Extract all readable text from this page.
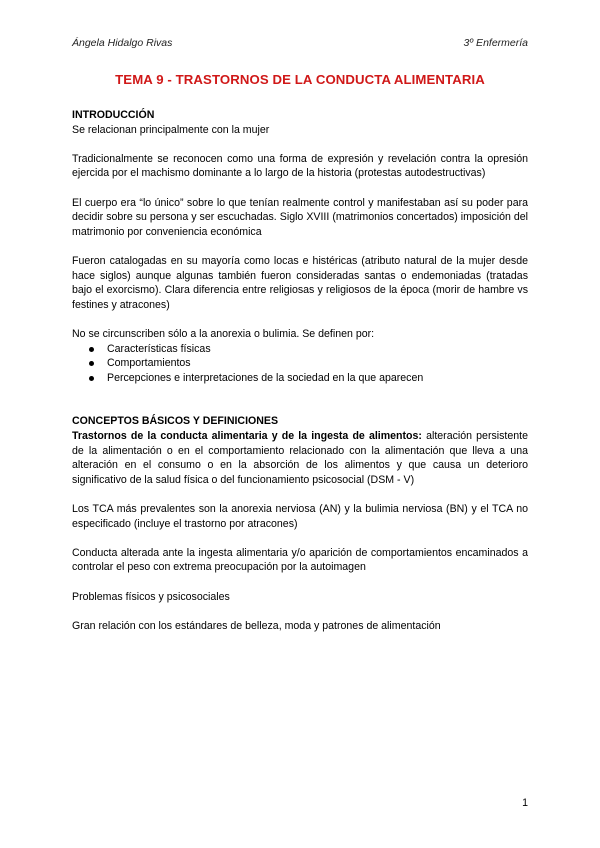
Ángela Hidalgo Rivas	3º Enfermería
TEMA 9 - TRASTORNOS DE LA CONDUCTA ALIMENTARIA
INTRODUCCIÓN

Se relacionan principalmente con la mujer

Tradicionalmente se reconocen como una forma de expresión y revelación contra la opresión ejercida por el machismo dominante a lo largo de la historia (protestas autodestructivas)

El cuerpo era “lo único” sobre lo que tenían realmente control y manifestaban así su poder para decidir sobre su persona y ser escuchadas. Siglo XVIII (matrimonios concertados) imposición del matrimonio por conveniencia económica

Fueron catalogadas en su mayoría como locas e histéricas (atributo natural de la mujer desde hace siglos) aunque algunas también fueron consideradas santas o endemoniadas (tratadas bajo el exorcismo). Clara diferencia entre religiosas y religiosos de la época (morir de hambre vs festines y atracones)

No se circunscriben sólo a la anorexia o bulimia. Se definen por:

Características físicas
Comportamientos
Percepciones e interpretaciones de la sociedad en la que aparecen
CONCEPTOS BÁSICOS Y DEFINICIONES

Trastornos de la conducta alimentaria y de la ingesta de alimentos: alteración persistente de la alimentación o en el comportamiento relacionado con la alimentación que lleva a una alteración en el consumo o en la absorción de los alimentos y que causa un deterioro significativo de la salud física o del funcionamiento psicosocial (DSM - V)

Los TCA más prevalentes son la anorexia nerviosa (AN) y la bulimia nerviosa (BN) y el TCA no especificado (incluye el trastorno por atracones)

Conducta alterada ante la ingesta alimentaria y/o aparición de comportamientos encaminados a controlar el peso con extrema preocupación por la autoimagen

Problemas físicos y psicosociales

Gran relación con los estándares de belleza, moda y patrones de alimentación

1
